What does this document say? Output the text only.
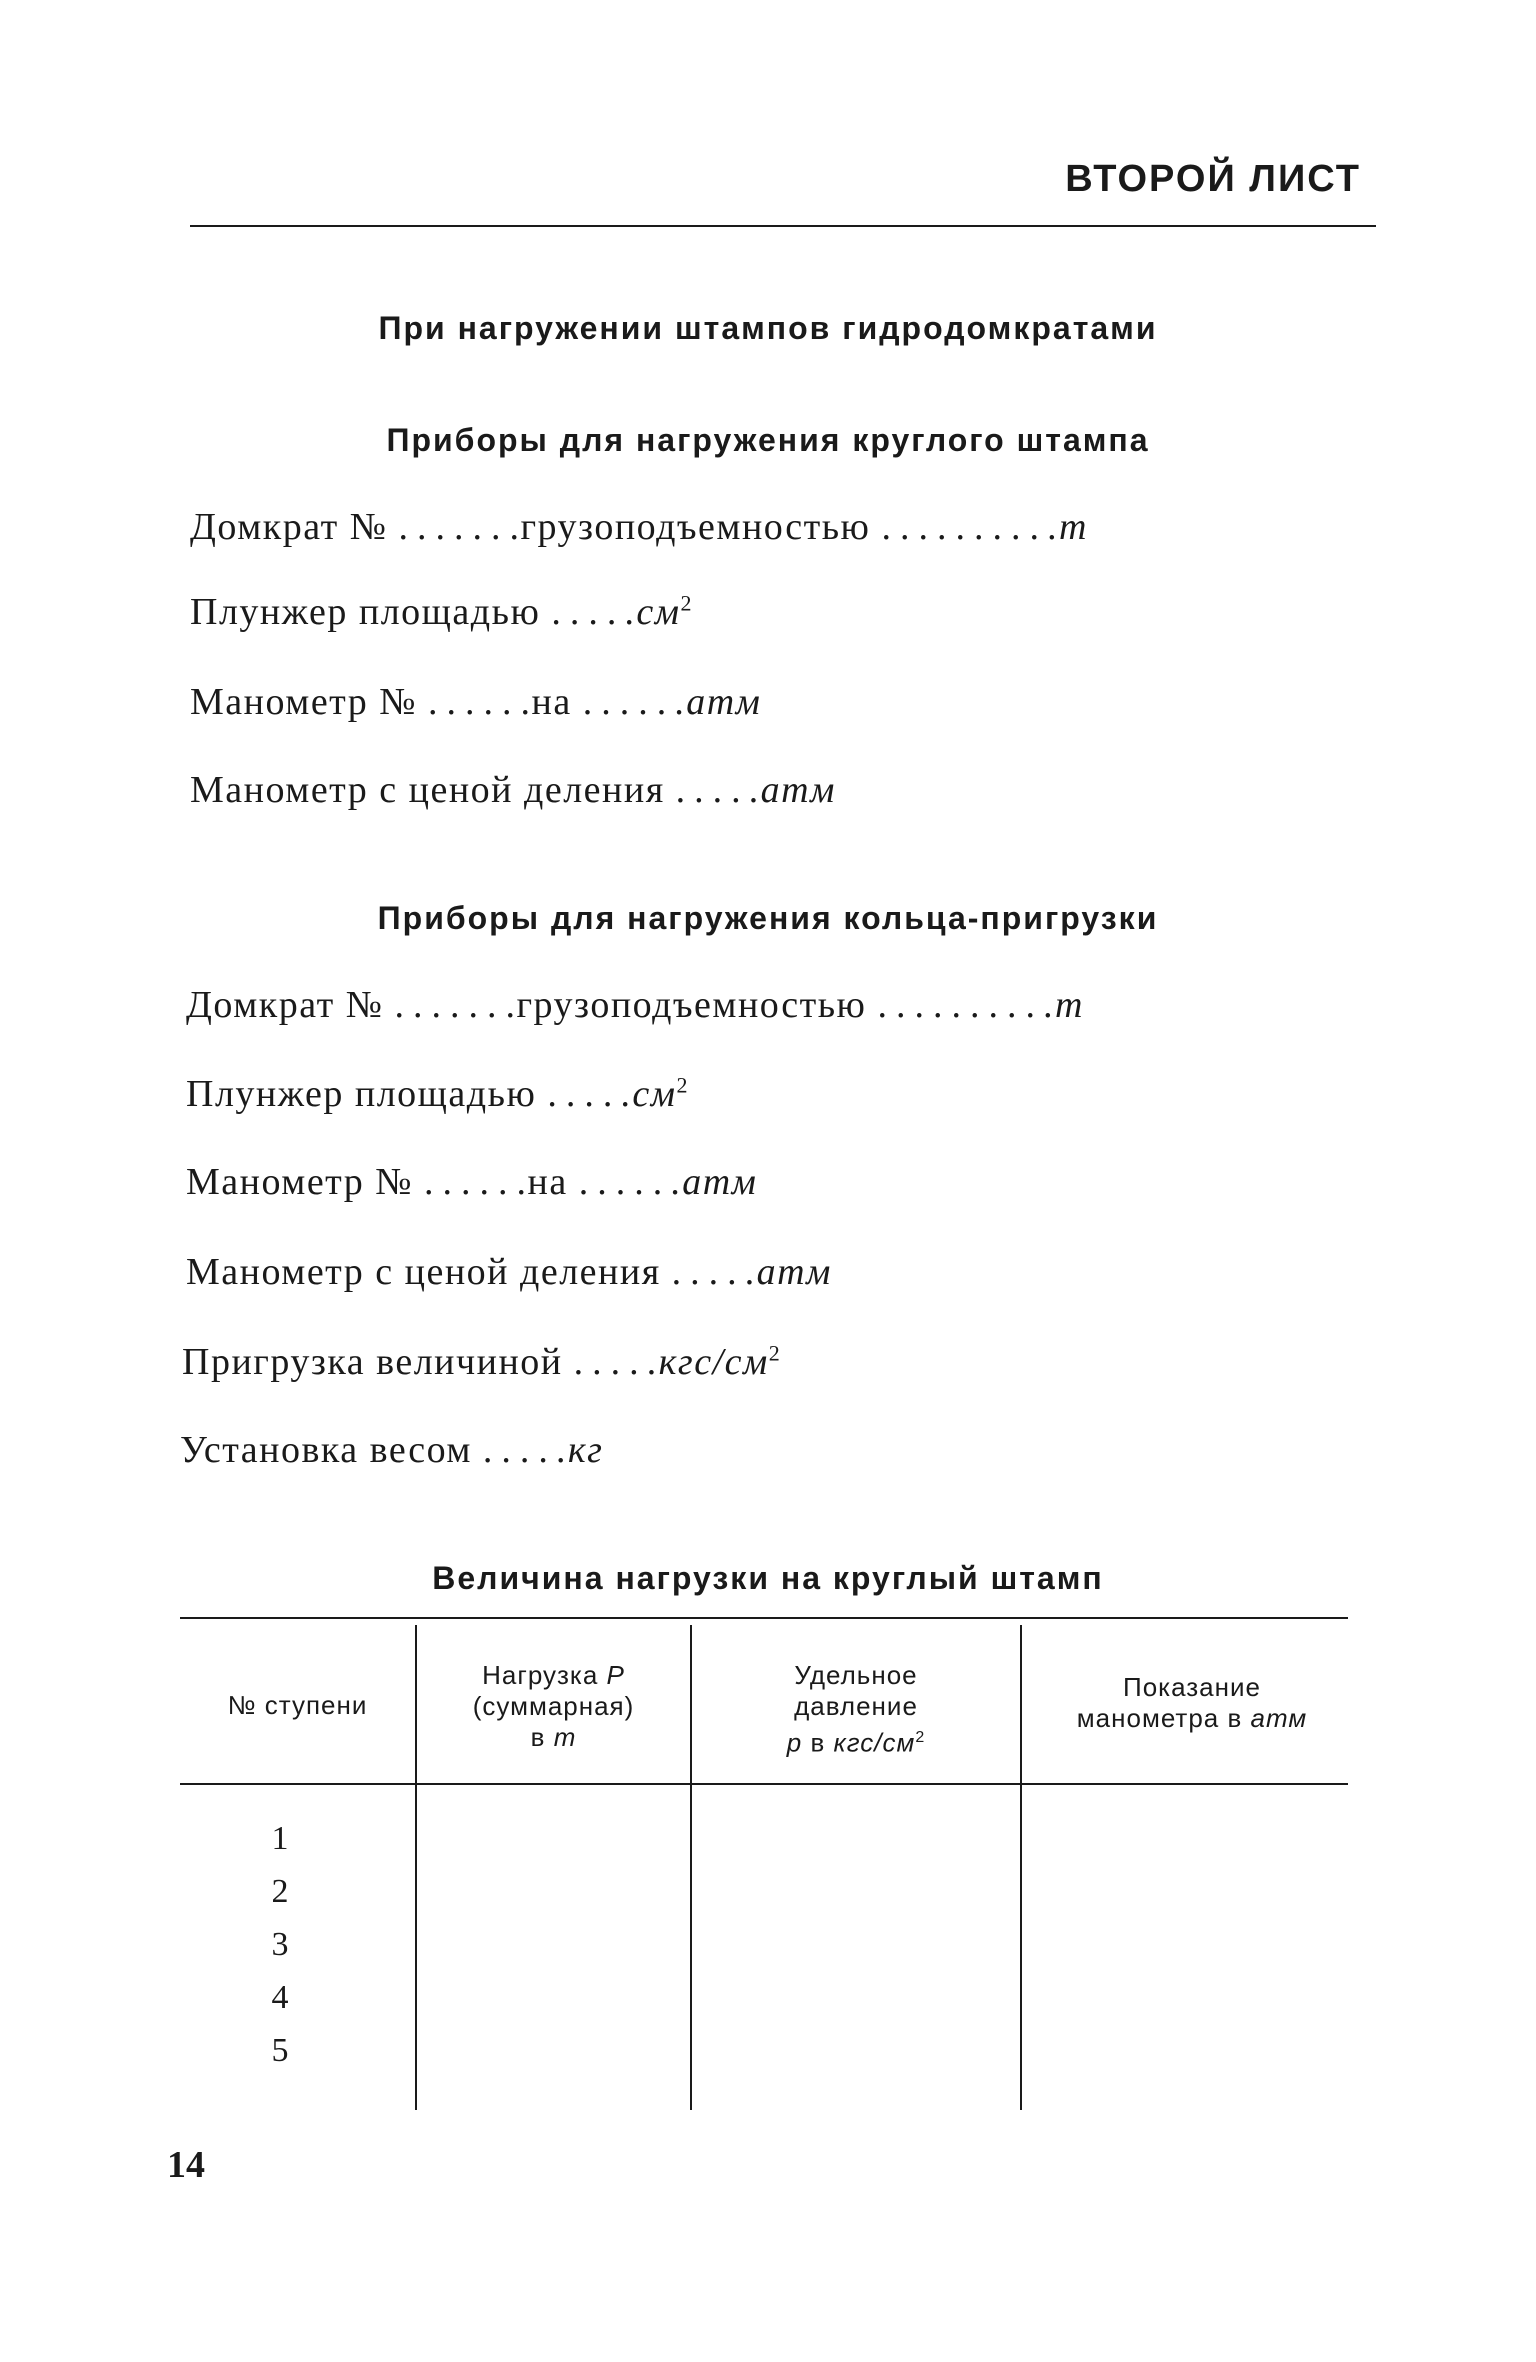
ВТОРОЙ ЛИСТ
При нагружении штампов гидродомкратами
Приборы для нагружения круглого штампа
Домкрат № .......грузоподъемностью ..........т
Плунжер площадью $.....см^2$
Манометр № ......на ......атм
Манометр с ценой деления .....атм
Приборы для нагружения кольца-пригрузки
Домкрат № .......грузоподъемностью ..........т
Плунжер площадью $.....см^2$
Манометр № ......на ......атм
Манометр с ценой деления .....атм
Пригрузка величиной $.....кгс/см^2$
Установка весом .....кг
Величина нагрузки на круглый штамп
№ ступени
Нагрузка P
(суммарная)
в т
Удельное
давление
p в кгс/$см^2$
Показание
манометра в атм
1
2
3
4
5
14
